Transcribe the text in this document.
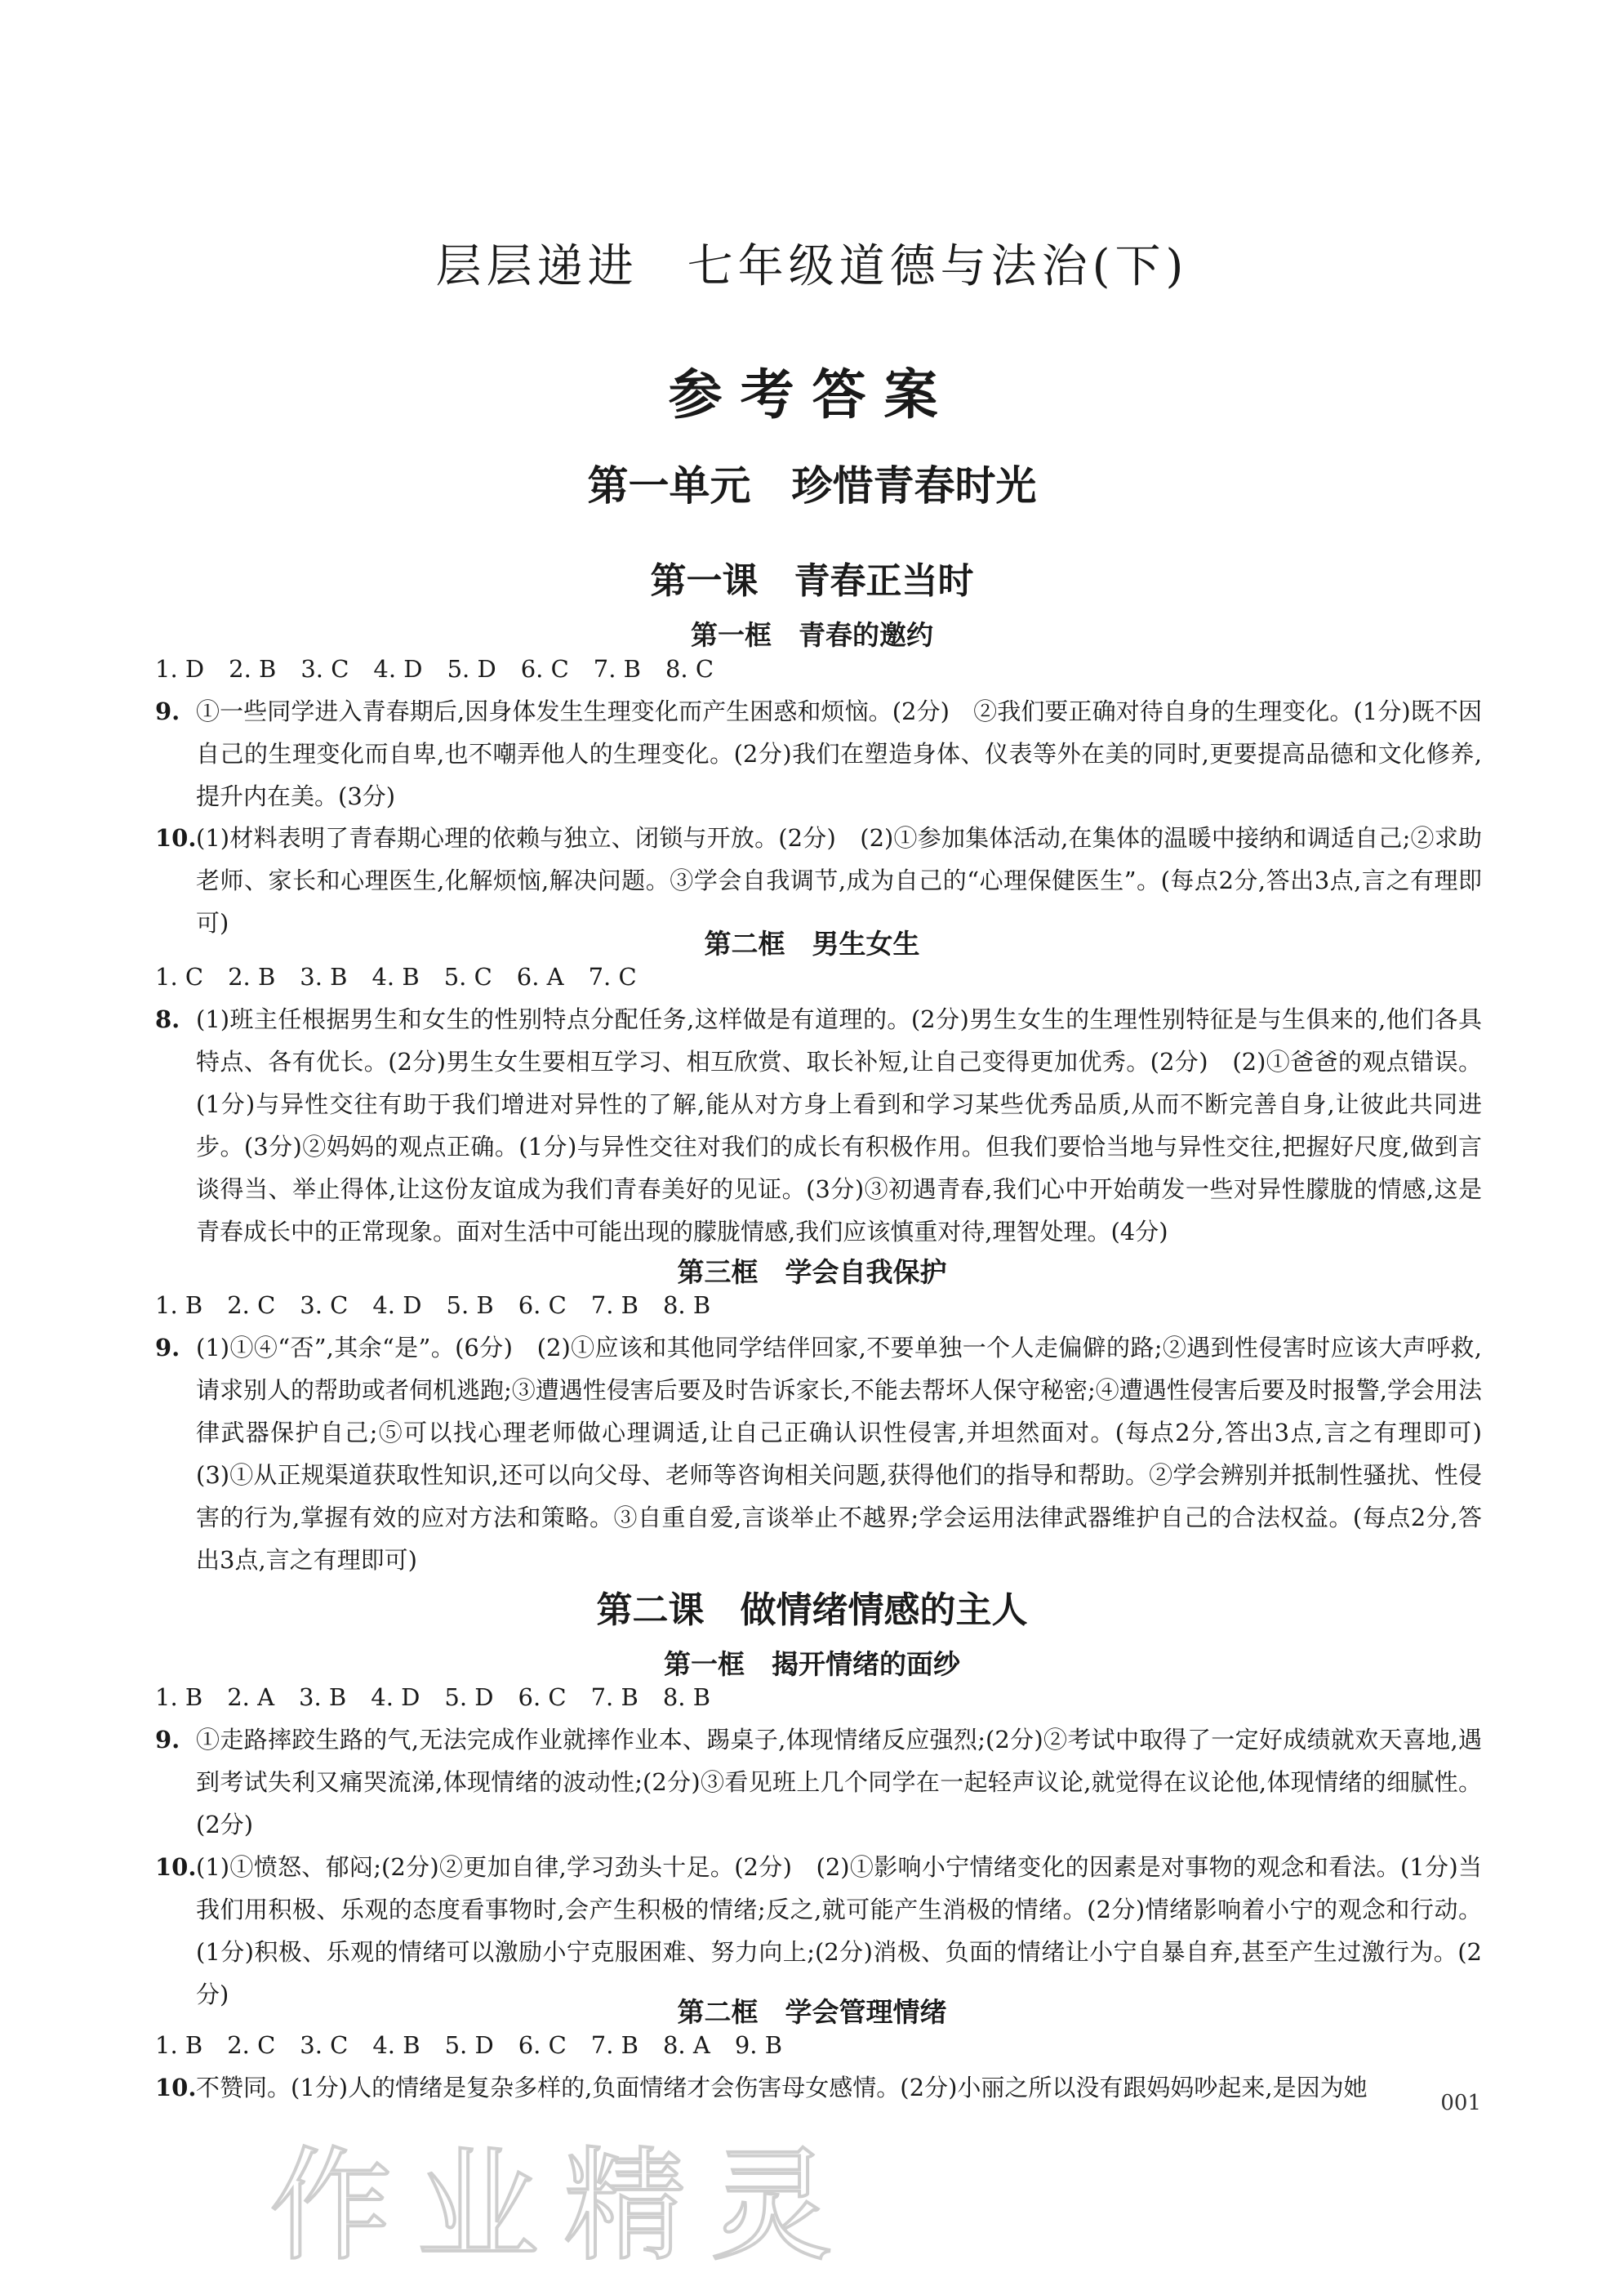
层层递进 七年级道德与法治(下)
参考答案
第一单元　珍惜青春时光
第一课　青春正当时
第一框　青春的邀约
1. D 2. B 3. C 4. D 5. D 6. C 7. B 8. C
9. ①一些同学进入青春期后,因身体发生生理变化而产生困惑和烦恼。(2分)　②我们要正确对待自身的生理变化。(1分)既不因自己的生理变化而自卑,也不嘲弄他人的生理变化。(2分)我们在塑造身体、仪表等外在美的同时,更要提高品德和文化修养,提升内在美。(3分)
10. (1)材料表明了青春期心理的依赖与独立、闭锁与开放。(2分)　(2)①参加集体活动,在集体的温暖中接纳和调适自己;②求助老师、家长和心理医生,化解烦恼,解决问题。③学会自我调节,成为自己的“心理保健医生”。(每点2分,答出3点,言之有理即可)
第二框　男生女生
1. C 2. B 3. B 4. B 5. C 6. A 7. C
8. (1)班主任根据男生和女生的性别特点分配任务,这样做是有道理的。(2分)男生女生的生理性别特征是与生俱来的,他们各具特点、各有优长。(2分)男生女生要相互学习、相互欣赏、取长补短,让自己变得更加优秀。(2分)　(2)①爸爸的观点错误。(1分)与异性交往有助于我们增进对异性的了解,能从对方身上看到和学习某些优秀品质,从而不断完善自身,让彼此共同进步。(3分)②妈妈的观点正确。(1分)与异性交往对我们的成长有积极作用。但我们要恰当地与异性交往,把握好尺度,做到言谈得当、举止得体,让这份友谊成为我们青春美好的见证。(3分)③初遇青春,我们心中开始萌发一些对异性朦胧的情感,这是青春成长中的正常现象。面对生活中可能出现的朦胧情感,我们应该慎重对待,理智处理。(4分)
第三框　学会自我保护
1. B 2. C 3. C 4. D 5. B 6. C 7. B 8. B
9. (1)①④“否”,其余“是”。(6分)　(2)①应该和其他同学结伴回家,不要单独一个人走偏僻的路;②遇到性侵害时应该大声呼救,请求别人的帮助或者伺机逃跑;③遭遇性侵害后要及时告诉家长,不能去帮坏人保守秘密;④遭遇性侵害后要及时报警,学会用法律武器保护自己;⑤可以找心理老师做心理调适,让自己正确认识性侵害,并坦然面对。(每点2分,答出3点,言之有理即可)　(3)①从正规渠道获取性知识,还可以向父母、老师等咨询相关问题,获得他们的指导和帮助。②学会辨别并抵制性骚扰、性侵害的行为,掌握有效的应对方法和策略。③自重自爱,言谈举止不越界;学会运用法律武器维护自己的合法权益。(每点2分,答出3点,言之有理即可)
第二课　做情绪情感的主人
第一框　揭开情绪的面纱
1. B 2. A 3. B 4. D 5. D 6. C 7. B 8. B
9. ①走路摔跤生路的气,无法完成作业就摔作业本、踢桌子,体现情绪反应强烈;(2分)②考试中取得了一定好成绩就欢天喜地,遇到考试失利又痛哭流涕,体现情绪的波动性;(2分)③看见班上几个同学在一起轻声议论,就觉得在议论他,体现情绪的细腻性。(2分)
10. (1)①愤怒、郁闷;(2分)②更加自律,学习劲头十足。(2分)　(2)①影响小宁情绪变化的因素是对事物的观念和看法。(1分)当我们用积极、乐观的态度看事物时,会产生积极的情绪;反之,就可能产生消极的情绪。(2分)情绪影响着小宁的观念和行动。(1分)积极、乐观的情绪可以激励小宁克服困难、努力向上;(2分)消极、负面的情绪让小宁自暴自弃,甚至产生过激行为。(2分)
第二框　学会管理情绪
1. B 2. C 3. C 4. B 5. D 6. C 7. B 8. A 9. B
10. 不赞同。(1分)人的情绪是复杂多样的,负面情绪才会伤害母女感情。(2分)小丽之所以没有跟妈妈吵起来,是因为她
001
作业精灵
